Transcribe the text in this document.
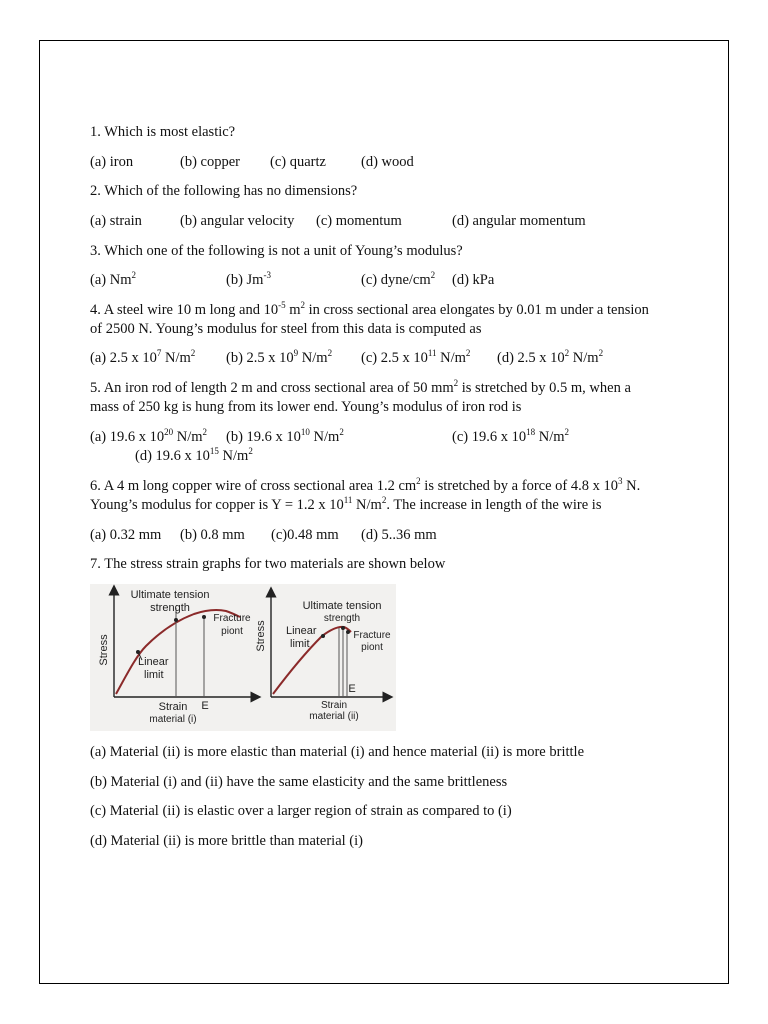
1. Which is most elastic?
(a) iron	(b) copper (c) quartz (d) wood
2. Which of the following has no dimensions?
(a) strain	(b) angular velocity (c) momentum	(d) angular momentum
3. Which one of the following is not a unit of Young’s modulus?
(a) Nm$^2$	(b) $Jm^{-3}$	(c) dyne/$cm^2$ (d) kPa
4. A steel wire 10 m long and $10^{-5}$ $m^2$ in cross sectional area elongates by 0.01 m under a tension
of 2500 N. Young’s modulus for steel from this data is computed as
(a) 2.5 x $10^7$ $N/m^2$ (b) 2.5 x $10^9$ $N/m^2$ (c) 2.5 x $10^{11}$ $N/m^2$ (d) 2.5 x $10^2$ $N/m^2$
5. An iron rod of length 2 m and cross sectional area of 50 $mm^2$ is stretched by 0.5 m, when a
mass of 250 kg is hung from its lower end. Young’s modulus of iron rod is
(a) 19.6 x $10^{20}$ $N/m^2$ (b) 19.6 x $10^{10}$ $N/m^2$	(c) 19.6 x $10^{18}$ $N/m^2$
(d) 19.6 x $10^{15}$ $N/m^2$
6. A 4 m long copper wire of cross sectional area 1.2 $cm^2$ is stretched by a force of 4.8 x $10^3$ N.
Young’s modulus for copper is Y = 1.2 x $10^{11}$ $N/m^2$. The increase in length of the wire is
(a) 0.32 mm (b) 0.8 mm (c)0.48 mm (d) 5..36 mm
7. The stress strain graphs for two materials are shown below
Stress
Ultimate tension
strength
Fracture
piont
Linear
limit
E
Strain
material (i)
Stress
Ultimate tension
strength
Linear
limit
Fracture
piont
E
Strain
material (ii)
(a) Material (ii) is more elastic than material (i) and hence material (ii) is more brittle
(b) Material (i) and (ii) have the same elasticity and the same brittleness
(c) Material (ii) is elastic over a larger region of strain as compared to (i)
(d) Material (ii) is more brittle than material (i)
